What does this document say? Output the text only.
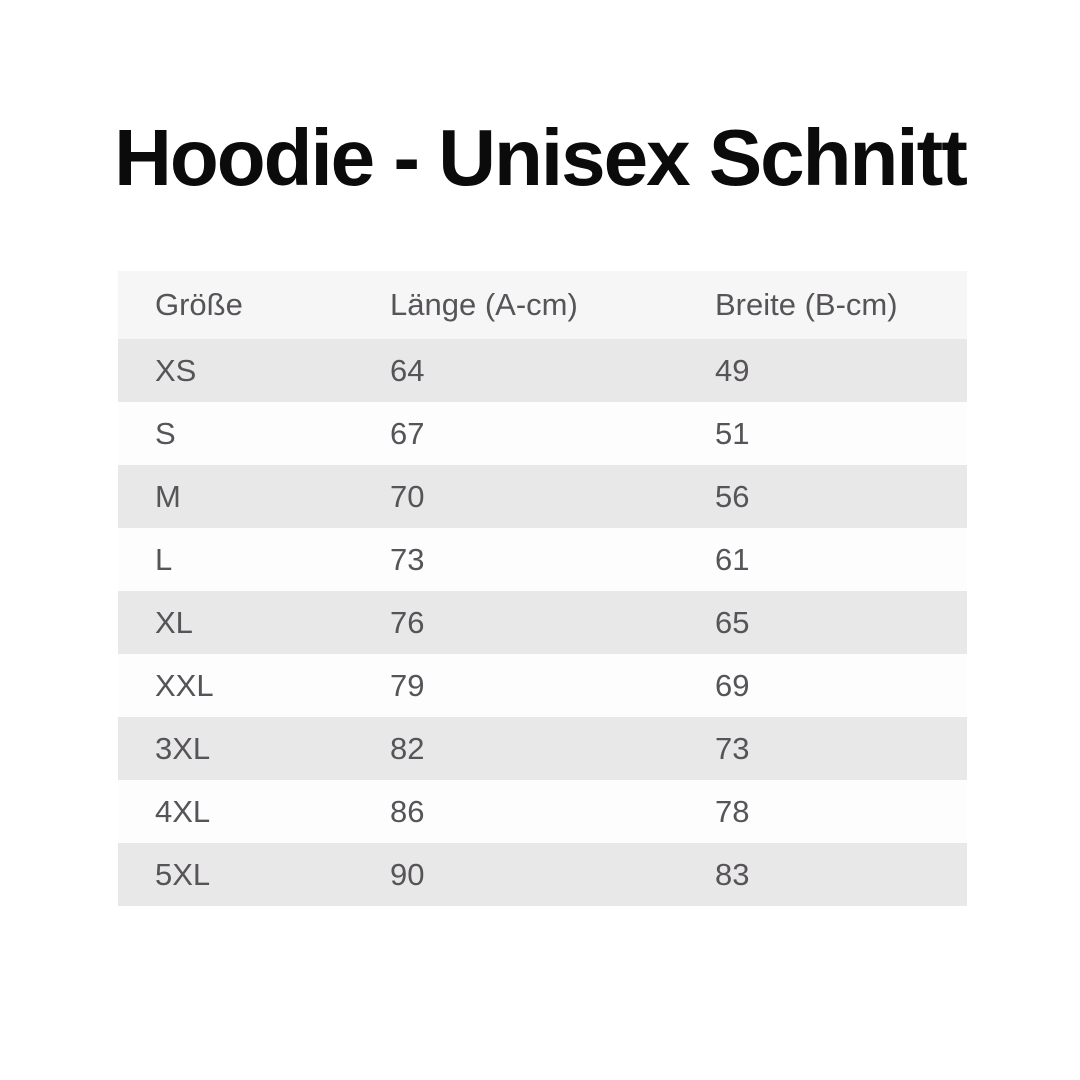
Hoodie - Unisex Schnitt
Größe	Länge (A-cm)	Breite (B-cm)
XS	64	49
S	67	51
M	70	56
L	73	61
XL	76	65
XXL	79	69
3XL	82	73
4XL	86	78
5XL	90	83
